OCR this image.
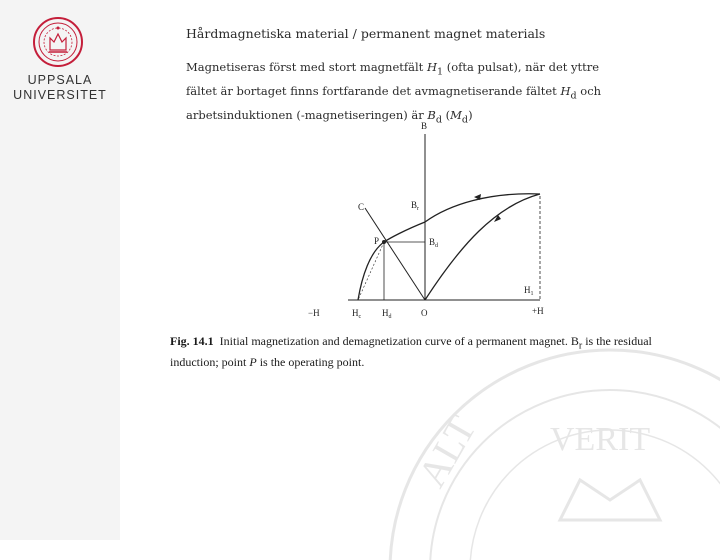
UPPSALA
UNIVERSITET
ALT VERIT
Hårdmagnetiska material / permanent magnet materials
Magnetiseras först med stort magnetfält $H_1$ (ofta pulsat), när det yttre fältet är bortaget finns fortfarande det avmagnetiserande fältet $H_d$ och arbetsinduktionen (-magnetiseringen) är $B_d$ $(M_d)$
B
$B_r$
C
P	$B_d$
$H_1$
−H	$H_c$ $H_d$	O	+H
Fig. 14.1 Initial magnetization and demagnetization curve of a permanent magnet. $B_r$ is the residual induction; point P is the operating point.
